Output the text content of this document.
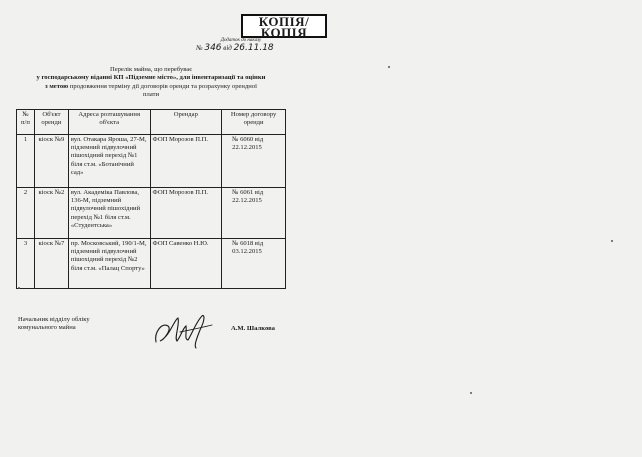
КОПІЯ/
КОПІЯ
Додаток до наказу
№ 346 від 26.11.18
Перелік майна, що перебуває
у господарському віданні КП «Підземне місто», для інвентаризації та оцінки
з метою продовження терміну дії договорів оренди та розрахунку орендної
плати
№ п/п	Об'єкт оренди	Адреса розташування об'єкта	Орендар	Номер договору оренди
1	кіоск №9	вул. Отакара Яроша, 27-М, підземний підвулочний пішохідний перехід №1 біля ст.м. «Ботанічний сад»	ФОП Морозов П.П.	№ 6060 від 22.12.2015
2	кіоск №2	вул. Академіка Павлова, 136-М, підземний підвулочний пішохідний перехід №1 біля ст.м. «Студентська»	ФОП Морозов П.П.	№ 6061 від 22.12.2015
3	кіоск №7	пр. Московський, 190/1-М, підземний підвулочний пішохідний перехід №2 біля ст.м. «Палац Спорту»	ФОП Савенко Н.Ю.	№ 6018 від 03.12.2015
Начальник відділу обліку комунального майна	А.М. Шалкова
